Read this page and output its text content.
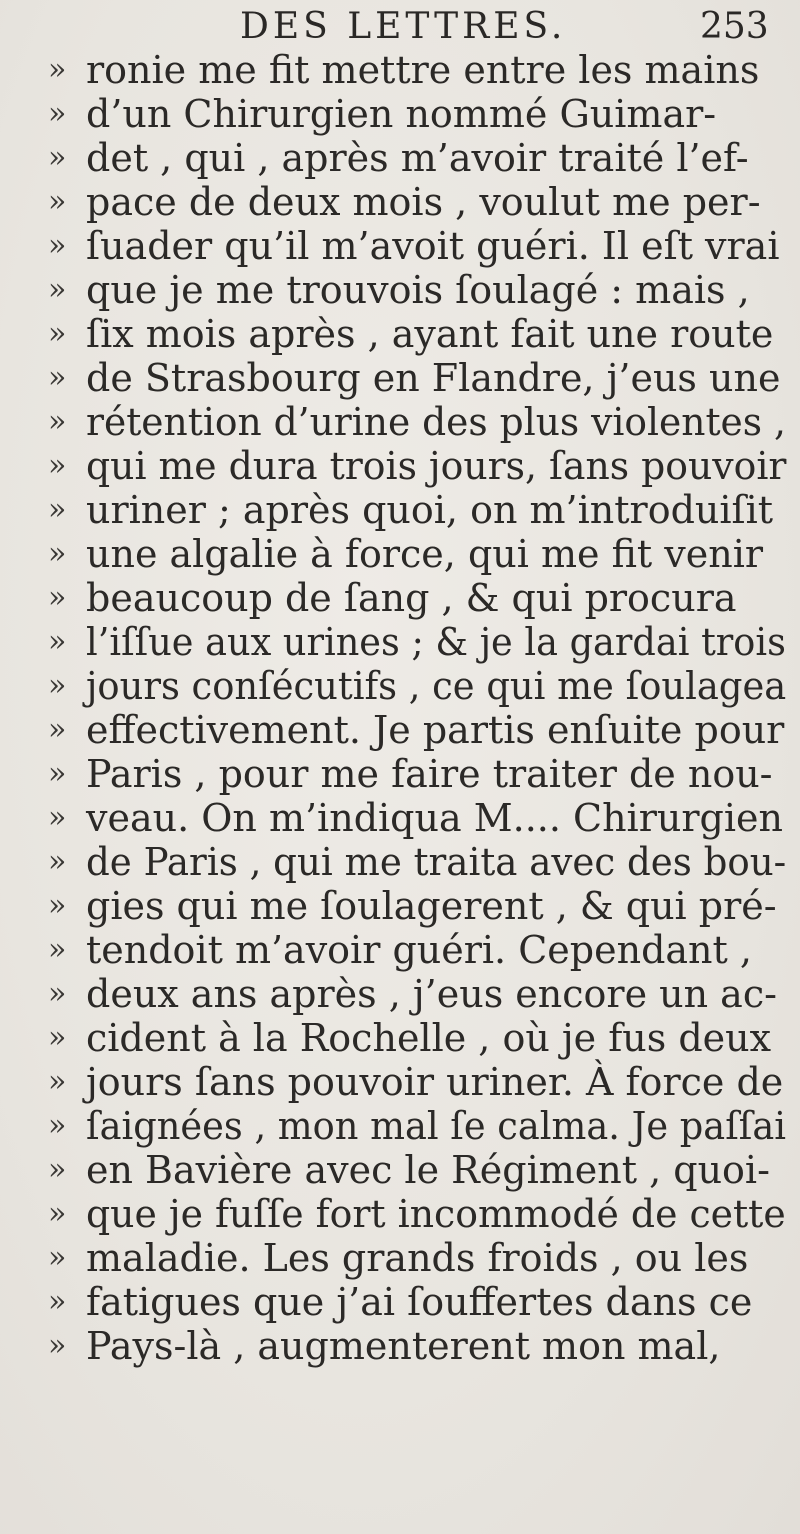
DES LETTRES.	253
» ronie me fit mettre entre les mains
» d’un Chirurgien nommé Guimar-
» det , qui , après m’avoir traité l’ef-
» pace de deux mois , voulut me per-
» ſuader qu’il m’avoit guéri. Il eſt vrai
» que je me trouvois ſoulagé : mais ,
» ſix mois après , ayant fait une route
» de Strasbourg en Flandre, j’eus une
» rétention d’urine des plus violentes ,
» qui me dura trois jours, ſans pouvoir
» uriner ; après quoi, on m’introduiſit
» une algalie à force, qui me fit venir
» beaucoup de ſang , & qui procura
» l’iſſue aux urines ; & je la gardai trois
» jours conſécutifs , ce qui me ſoulagea
» effectivement. Je partis enſuite pour
» Paris , pour me faire traiter de nou-
» veau. On m’indiqua M.... Chirurgien
» de Paris , qui me traita avec des bou-
» gies qui me ſoulagerent , & qui pré-
» tendoit m’avoir guéri. Cependant ,
» deux ans après , j’eus encore un ac-
» cident à la Rochelle , où je fus deux
» jours ſans pouvoir uriner. À force de
» ſaignées , mon mal ſe calma. Je paſſai
» en Bavière avec le Régiment , quoi-
» que je fuſſe fort incommodé de cette
» maladie. Les grands froids , ou les
» fatigues que j’ai ſouffertes dans ce
» Pays-là , augmenterent mon mal,
